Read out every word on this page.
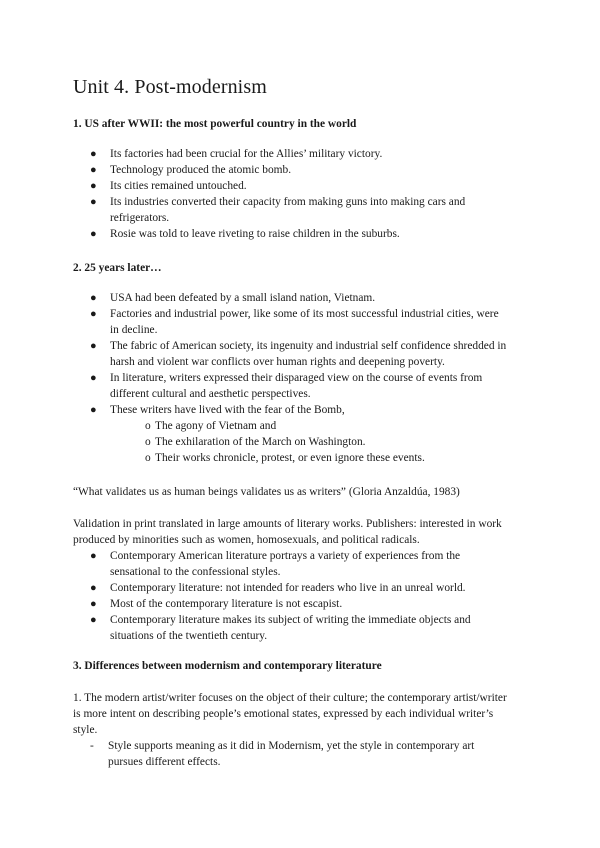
Unit 4. Post-modernism
1. US after WWII: the most powerful country in the world
● Its factories had been crucial for the Allies’ military victory.
● Technology produced the atomic bomb.
● Its cities remained untouched.
● Its industries converted their capacity from making guns into making cars and refrigerators.
● Rosie was told to leave riveting to raise children in the suburbs.
2. 25 years later…
● USA had been defeated by a small island nation, Vietnam.
● Factories and industrial power, like some of its most successful industrial cities, were in decline.
● The fabric of American society, its ingenuity and industrial self confidence shredded in harsh and violent war conflicts over human rights and deepening poverty.
● In literature, writers expressed their disparaged view on the course of events from different cultural and aesthetic perspectives.
● These writers have lived with the fear of the Bomb,
o The agony of Vietnam and
o The exhilaration of the March on Washington.
o Their works chronicle, protest, or even ignore these events.

“What validates us as human beings validates us as writers” (Gloria Anzaldúa, 1983)

Validation in print translated in large amounts of literary works. Publishers: interested in work produced by minorities such as women, homosexuals, and political radicals.

● Contemporary American literature portrays a variety of experiences from the sensational to the confessional styles.
● Contemporary literature: not intended for readers who live in an unreal world.
● Most of the contemporary literature is not escapist.
● Contemporary literature makes its subject of writing the immediate objects and situations of the twentieth century.
3. Differences between modernism and contemporary literature

1. The modern artist/writer focuses on the object of their culture; the contemporary artist/writer is more intent on describing people’s emotional states, expressed by each individual writer’s style.

- Style supports meaning as it did in Modernism, yet the style in contemporary art pursues different effects.
